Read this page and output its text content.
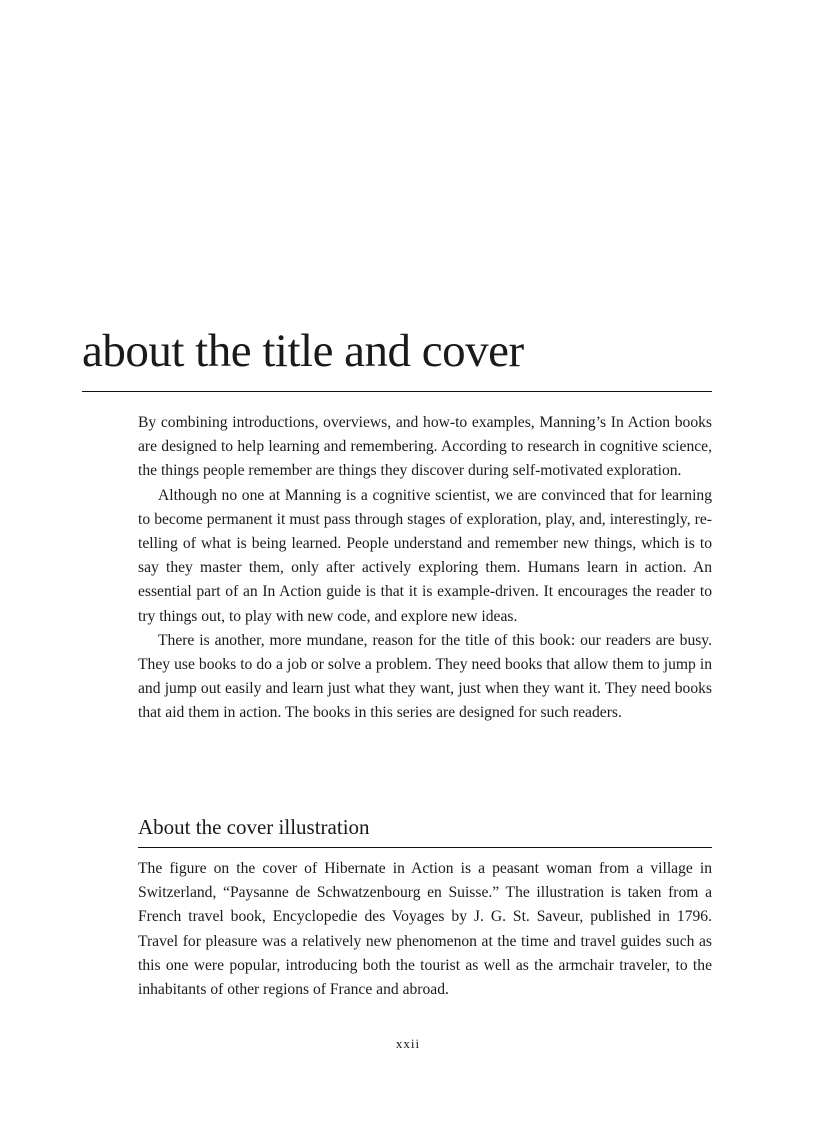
about the title and cover

By combining introductions, overviews, and how-to examples, Manning’s In Action books are designed to help learning and remembering. According to research in cognitive science, the things people remember are things they discover during self-motivated exploration.

Although no one at Manning is a cognitive scientist, we are convinced that for learning to become permanent it must pass through stages of exploration, play, and, interestingly, re-telling of what is being learned. People understand and remember new things, which is to say they master them, only after actively exploring them. Humans learn in action. An essential part of an In Action guide is that it is example-driven. It encourages the reader to try things out, to play with new code, and explore new ideas.

There is another, more mundane, reason for the title of this book: our readers are busy. They use books to do a job or solve a problem. They need books that allow them to jump in and jump out easily and learn just what they want, just when they want it. They need books that aid them in action. The books in this series are designed for such readers.

About the cover illustration

The figure on the cover of Hibernate in Action is a peasant woman from a village in Switzerland, “Paysanne de Schwatzenbourg en Suisse.” The illustration is taken from a French travel book, Encyclopedie des Voyages by J. G. St. Saveur, published in 1796. Travel for pleasure was a relatively new phenomenon at the time and travel guides such as this one were popular, introducing both the tourist as well as the armchair traveler, to the inhabitants of other regions of France and abroad.

xxii
